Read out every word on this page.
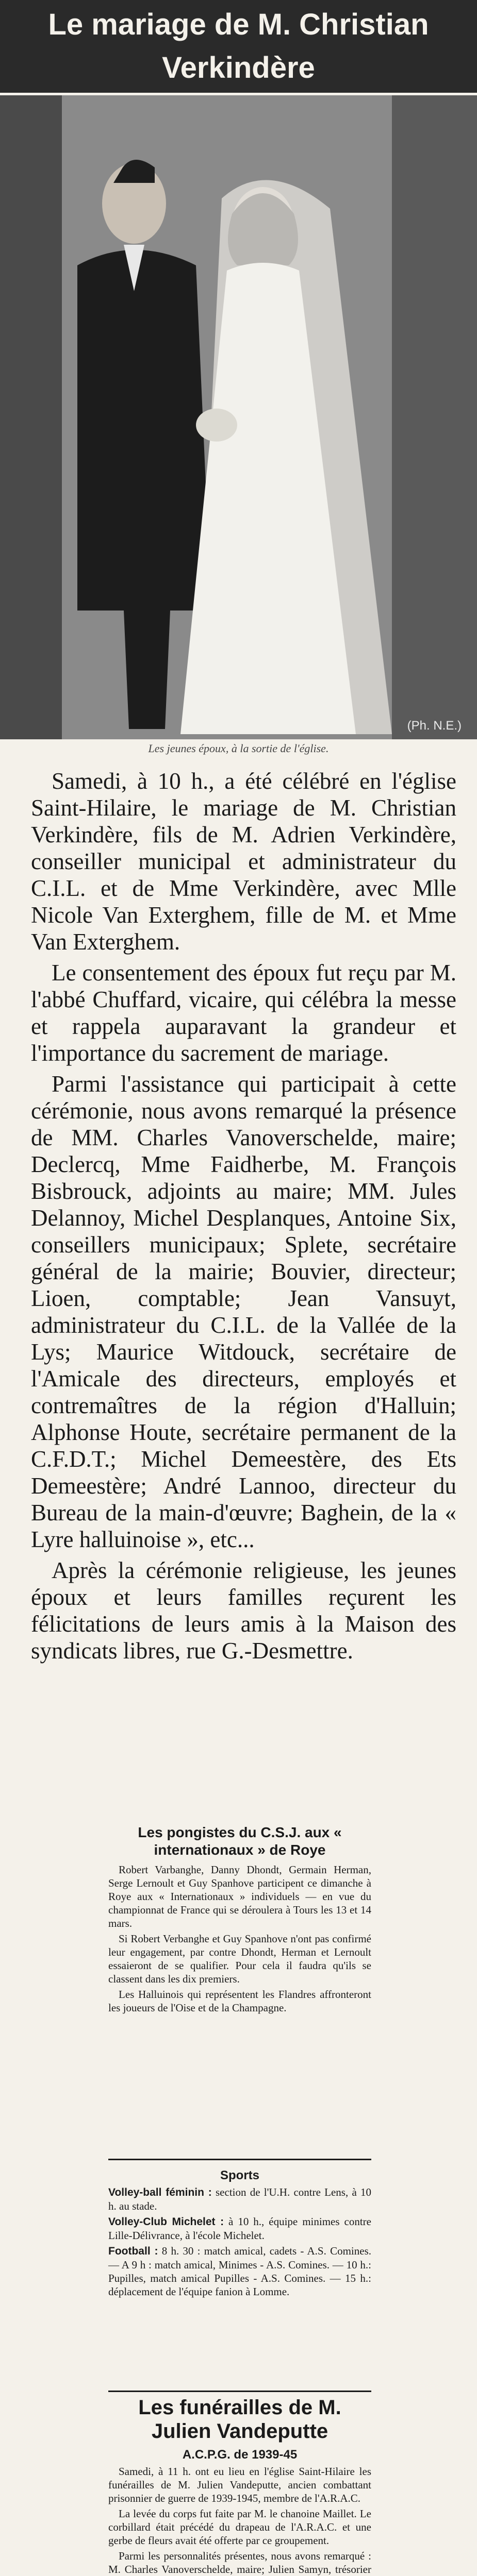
Le mariage de M. Christian Verkindère
(Ph. N.E.)
Les jeunes époux, à la sortie de l'église.

Samedi, à 10 h., a été célébré en l'église Saint-Hilaire, le mariage de M. Christian Verkindère, fils de M. Adrien Verkindère, conseiller municipal et administrateur du C.I.L. et de Mme Verkindère, avec Mlle Nicole Van Exterghem, fille de M. et Mme Van Exterghem.

Le consentement des époux fut reçu par M. l'abbé Chuffard, vicaire, qui célébra la messe et rappela auparavant la grandeur et l'importance du sacrement de mariage.

Parmi l'assistance qui participait à cette cérémonie, nous avons remarqué la présence de MM. Charles Vanoverschelde, maire; Declercq, Mme Faidherbe, M. François Bisbrouck, adjoints au maire; MM. Jules Delannoy, Michel Desplanques, Antoine Six, conseillers municipaux; Splete, secrétaire général de la mairie; Bouvier, directeur; Lioen, comptable; Jean Vansuyt, administrateur du C.I.L. de la Vallée de la Lys; Maurice Witdouck, secrétaire de l'Amicale des directeurs, employés et contremaîtres de la région d'Halluin; Alphonse Houte, secrétaire permanent de la C.F.D.T.; Michel Demeestère, des Ets Demeestère; André Lannoo, directeur du Bureau de la main-d'œuvre; Baghein, de la « Lyre halluinoise », etc...

Après la cérémonie religieuse, les jeunes époux et leurs familles reçurent les félicitations de leurs amis à la Maison des syndicats libres, rue G.-Desmettre.

Les pongistes du C.S.J. aux « internationaux » de Roye

Robert Varbanghe, Danny Dhondt, Germain Herman, Serge Lernoult et Guy Spanhove participent ce dimanche à Roye aux « Internationaux » individuels — en vue du championnat de France qui se déroulera à Tours les 13 et 14 mars.

Si Robert Verbanghe et Guy Spanhove n'ont pas confirmé leur engagement, par contre Dhondt, Herman et Lernoult essaieront de se qualifier. Pour cela il faudra qu'ils se classent dans les dix premiers.

Les Halluinois qui représentent les Flandres affronteront les joueurs de l'Oise et de la Champagne.

Sports

Volley-ball féminin : section de l'U.H. contre Lens, à 10 h. au stade.

Volley-Club Michelet : à 10 h., équipe minimes contre Lille-Délivrance, à l'école Michelet.

Football : 8 h. 30 : match amical, cadets - A.S. Comines. — A 9 h : match amical, Minimes - A.S. Comines. — 10 h.: Pupilles, match amical Pupilles - A.S. Comines. — 15 h.: déplacement de l'équipe fanion à Lomme.

Les funérailles de M. Julien Vandeputte
A.C.P.G. de 1939-45

Samedi, à 11 h. ont eu lieu en l'église Saint-Hilaire les funérailles de M. Julien Vandeputte, ancien combattant prisonnier de guerre de 1939-1945, membre de l'A.R.A.C.

La levée du corps fut faite par M. le chanoine Maillet. Le corbillard était précédé du drapeau de l'A.R.A.C. et une gerbe de fleurs avait été offerte par ce groupement.

Parmi les personnalités présentes, nous avons remarqué : M. Charles Vanoverschelde, maire; Julien Samyn, trésorier
